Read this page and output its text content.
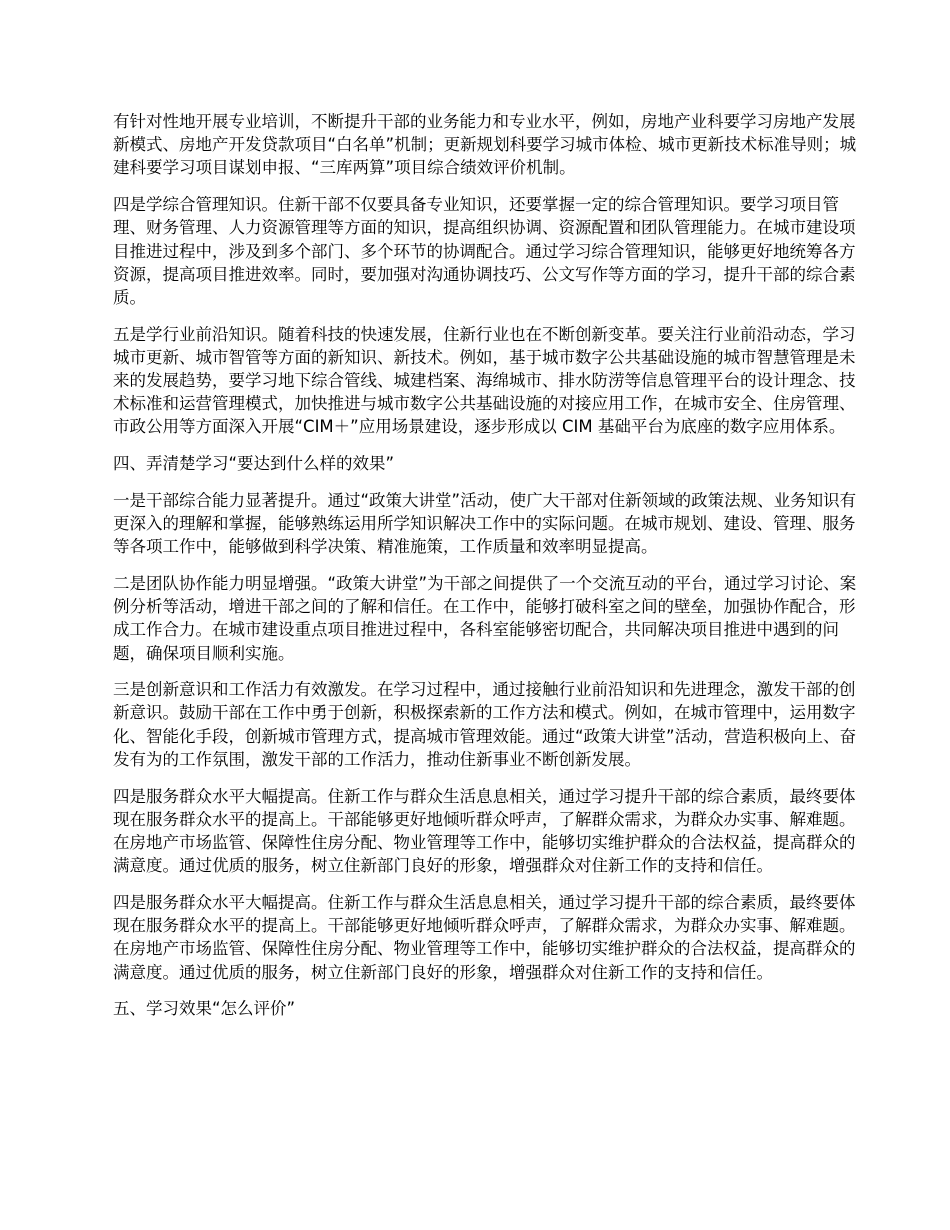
有针对性地开展专业培训，不断提升干部的业务能力和专业水平，例如，房地产业科要学习房地产发展新模式、房地产开发贷款项目“白名单”机制；更新规划科要学习城市体检、城市更新技术标准导则；城建科要学习项目谋划申报、“三库两算”项目综合绩效评价机制。

四是学综合管理知识。住新干部不仅要具备专业知识，还要掌握一定的综合管理知识。要学习项目管理、财务管理、人力资源管理等方面的知识，提高组织协调、资源配置和团队管理能力。在城市建设项目推进过程中，涉及到多个部门、多个环节的协调配合。通过学习综合管理知识，能够更好地统筹各方资源，提高项目推进效率。同时，要加强对沟通协调技巧、公文写作等方面的学习，提升干部的综合素质。

五是学行业前沿知识。随着科技的快速发展，住新行业也在不断创新变革。要关注行业前沿动态，学习城市更新、城市智管等方面的新知识、新技术。例如，基于城市数字公共基础设施的城市智慧管理是未来的发展趋势，要学习地下综合管线、城建档案、海绵城市、排水防涝等信息管理平台的设计理念、技术标准和运营管理模式，加快推进与城市数字公共基础设施的对接应用工作，在城市安全、住房管理、市政公用等方面深入开展“CIM＋”应用场景建设，逐步形成以 CIM 基础平台为底座的数字应用体系。

四、弄清楚学习“要达到什么样的效果”

一是干部综合能力显著提升。通过“政策大讲堂”活动，使广大干部对住新领域的政策法规、业务知识有更深入的理解和掌握，能够熟练运用所学知识解决工作中的实际问题。在城市规划、建设、管理、服务等各项工作中，能够做到科学决策、精准施策，工作质量和效率明显提高。

二是团队协作能力明显增强。“政策大讲堂”为干部之间提供了一个交流互动的平台，通过学习讨论、案例分析等活动，增进干部之间的了解和信任。在工作中，能够打破科室之间的壁垒，加强协作配合，形成工作合力。在城市建设重点项目推进过程中，各科室能够密切配合，共同解决项目推进中遇到的问题，确保项目顺利实施。

三是创新意识和工作活力有效激发。在学习过程中，通过接触行业前沿知识和先进理念，激发干部的创新意识。鼓励干部在工作中勇于创新，积极探索新的工作方法和模式。例如，在城市管理中，运用数字化、智能化手段，创新城市管理方式，提高城市管理效能。通过“政策大讲堂”活动，营造积极向上、奋发有为的工作氛围，激发干部的工作活力，推动住新事业不断创新发展。

四是服务群众水平大幅提高。住新工作与群众生活息息相关，通过学习提升干部的综合素质，最终要体现在服务群众水平的提高上。干部能够更好地倾听群众呼声，了解群众需求，为群众办实事、解难题。在房地产市场监管、保障性住房分配、物业管理等工作中，能够切实维护群众的合法权益，提高群众的满意度。通过优质的服务，树立住新部门良好的形象，增强群众对住新工作的支持和信任。

四是服务群众水平大幅提高。住新工作与群众生活息息相关，通过学习提升干部的综合素质，最终要体现在服务群众水平的提高上。干部能够更好地倾听群众呼声，了解群众需求，为群众办实事、解难题。在房地产市场监管、保障性住房分配、物业管理等工作中，能够切实维护群众的合法权益，提高群众的满意度。通过优质的服务，树立住新部门良好的形象，增强群众对住新工作的支持和信任。

五、学习效果“怎么评价”
